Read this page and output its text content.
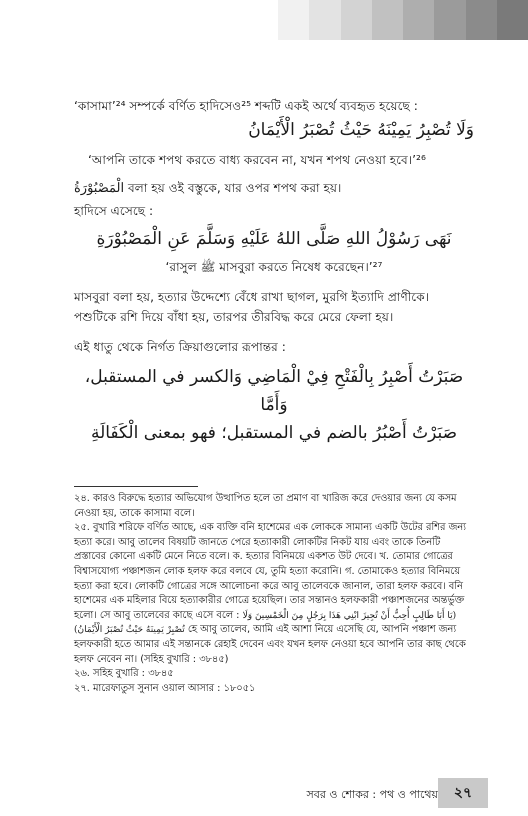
‘কাসামা’²⁴ সম্পর্কে বর্ণিত হাদিসেও²⁵ শব্দটি একই অর্থে ব্যবহৃত হয়েছে :

وَلَا تُصْبِرُ يَمِيْنَهُ حَيْثُ تُصْبَرُ الْأَيْمَانُ

‘আপনি তাকে শপথ করতে বাধ্য করবেন না, যখন শপথ নেওয়া হবে।’²⁶

الْمَصْبُوْرَةُ বলা হয় ওই বস্তুকে, যার ওপর শপথ করা হয়।

হাদিসে এসেছে :

نَهَى رَسُوْلُ اللهِ صَلَّى اللهُ عَلَيْهِ وَسَلَّمَ عَنِ الْمَصْبُوْرَةِ

‘রাসুল ﷺ মাসবুরা করতে নিষেধ করেছেন।’²⁷

মাসবুরা বলা হয়, হত্যার উদ্দেশ্যে বেঁধে রাখা ছাগল, মুরগি ইত্যাদি প্রাণীকে। পশুটিকে রশি দিয়ে বাঁধা হয়, তারপর তীরবিদ্ধ করে মেরে ফেলা হয়।

এই ধাতু থেকে নির্গত ক্রিয়াগুলোর রূপান্তর :

صَبَرْتُ أَصْبِرُ بِالْفَتْحِ فِيْ الْمَاضِي وَالكسر في المستقبل، وَأَمَّا

صَبَرْتُ أَصْبُرُ بالضم في المستقبل؛ فهو بمعنى الْكَفَالَةِ

২৪. কারও বিরুদ্ধে হত্যার অভিযোগ উত্থাপিত হলে তা প্রমাণ বা খারিজ করে দেওয়ার জন্য যে কসম নেওয়া হয়, তাকে কাসামা বলে।

২৫. বুখারি শরিফে বর্ণিত আছে, এক ব্যক্তি বনি হাশেমের এক লোককে সামান্য একটি উটের রশির জন্য হত্যা করে। আবু তালেব বিষয়টি জানতে পেরে হত্যাকারী লোকটির নিকট যায় এবং তাকে তিনটি প্রস্তাবের কোনো একটি মেনে নিতে বলে। ক. হত্যার বিনিময়ে একশত উট দেবে। খ. তোমার গোত্রের বিশ্বাসযোগ্য পঞ্চাশজন লোক হলফ করে বলবে যে, তুমি হত্যা করোনি। গ. তোমাকেও হত্যার বিনিময়ে হত্যা করা হবে। লোকটি গোত্রের সঙ্গে আলোচনা করে আবু তালেবকে জানাল, তারা হলফ করবে। বনি হাশেমের এক মহিলার বিয়ে হত্যাকারীর গোত্রে হয়েছিল। তার সন্তানও হলফকারী পঞ্চাশজনের অন্তর্ভুক্ত হলো। সে আবু তালেবের কাছে এসে বলে : (يَا أَبَا طَالِبٍ أُحِبُّ أَنْ تُجِيزَ ابْنِي هَذَا بِرَجُلٍ مِنَ الْخَمْسِينَ وَلَا تُصْبِرْ يَمِينَهُ حَيْثُ تُصْبَرُ الْأَيْمَانُ) হে আবু তালেব, আমি এই আশা নিয়ে এসেছি যে, আপনি পঞ্চাশ জন্য হলফকারী হতে আমার এই সন্তানকে রেহাই দেবেন এবং যখন হলফ নেওয়া হবে আপনি তার কাছ থেকে হলফ নেবেন না। (সহিহ বুখারি : ৩৮৪৫)

২৬. সহিহ বুখারি : ৩৮৪৫

২৭. মারেফাতুস সুনান ওয়াল আসার : ১৮০৫১

সবর ও শোকর : পথ ও পাথেয়	২৭
